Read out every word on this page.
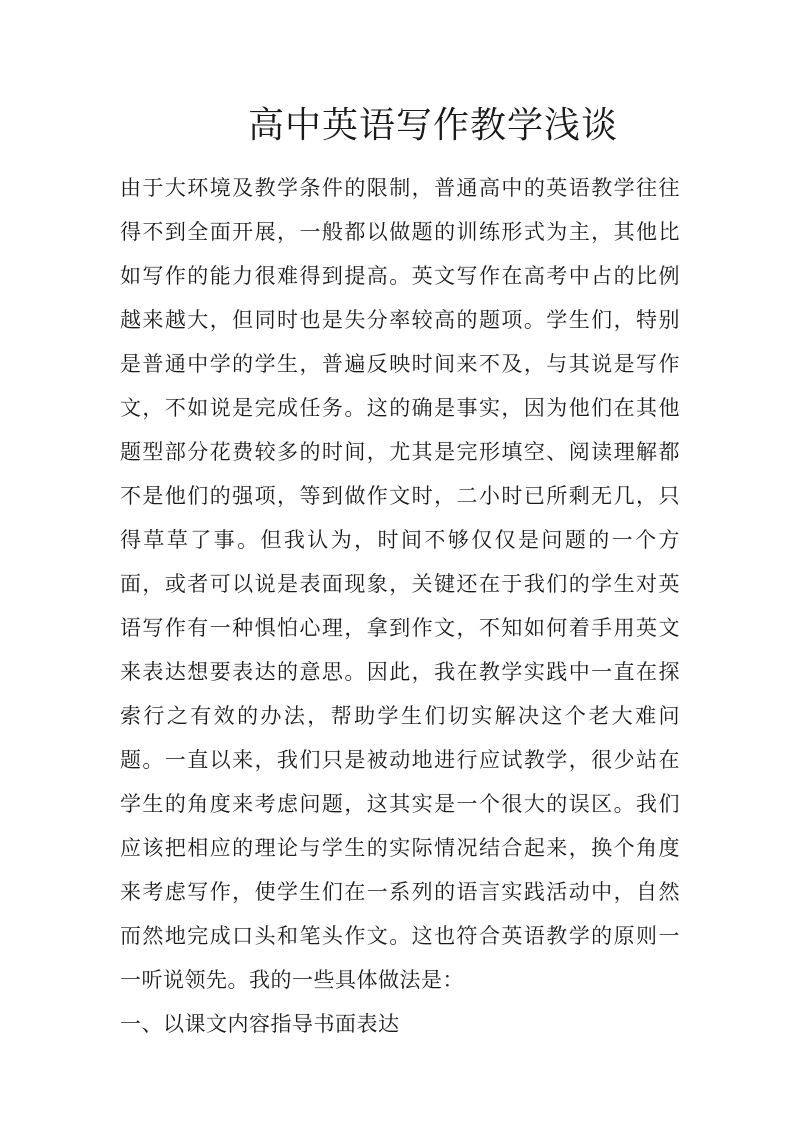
高中英语写作教学浅谈
由于大环境及教学条件的限制，普通高中的英语教学往往
得不到全面开展，一般都以做题的训练形式为主，其他比
如写作的能力很难得到提高。英文写作在高考中占的比例
越来越大，但同时也是失分率较高的题项。学生们，特别
是普通中学的学生，普遍反映时间来不及，与其说是写作
文，不如说是完成任务。这的确是事实，因为他们在其他
题型部分花费较多的时间，尤其是完形填空、阅读理解都
不是他们的强项，等到做作文时，二小时已所剩无几，只
得草草了事。但我认为，时间不够仅仅是问题的一个方
面，或者可以说是表面现象，关键还在于我们的学生对英
语写作有一种惧怕心理，拿到作文，不知如何着手用英文
来表达想要表达的意思。因此，我在教学实践中一直在探
索行之有效的办法，帮助学生们切实解决这个老大难问
题。一直以来，我们只是被动地进行应试教学，很少站在
学生的角度来考虑问题，这其实是一个很大的误区。我们
应该把相应的理论与学生的实际情况结合起来，换个角度
来考虑写作，使学生们在一系列的语言实践活动中，自然
而然地完成口头和笔头作文。这也符合英语教学的原则一
一听说领先。我的一些具体做法是：
一、以课文内容指导书面表达
